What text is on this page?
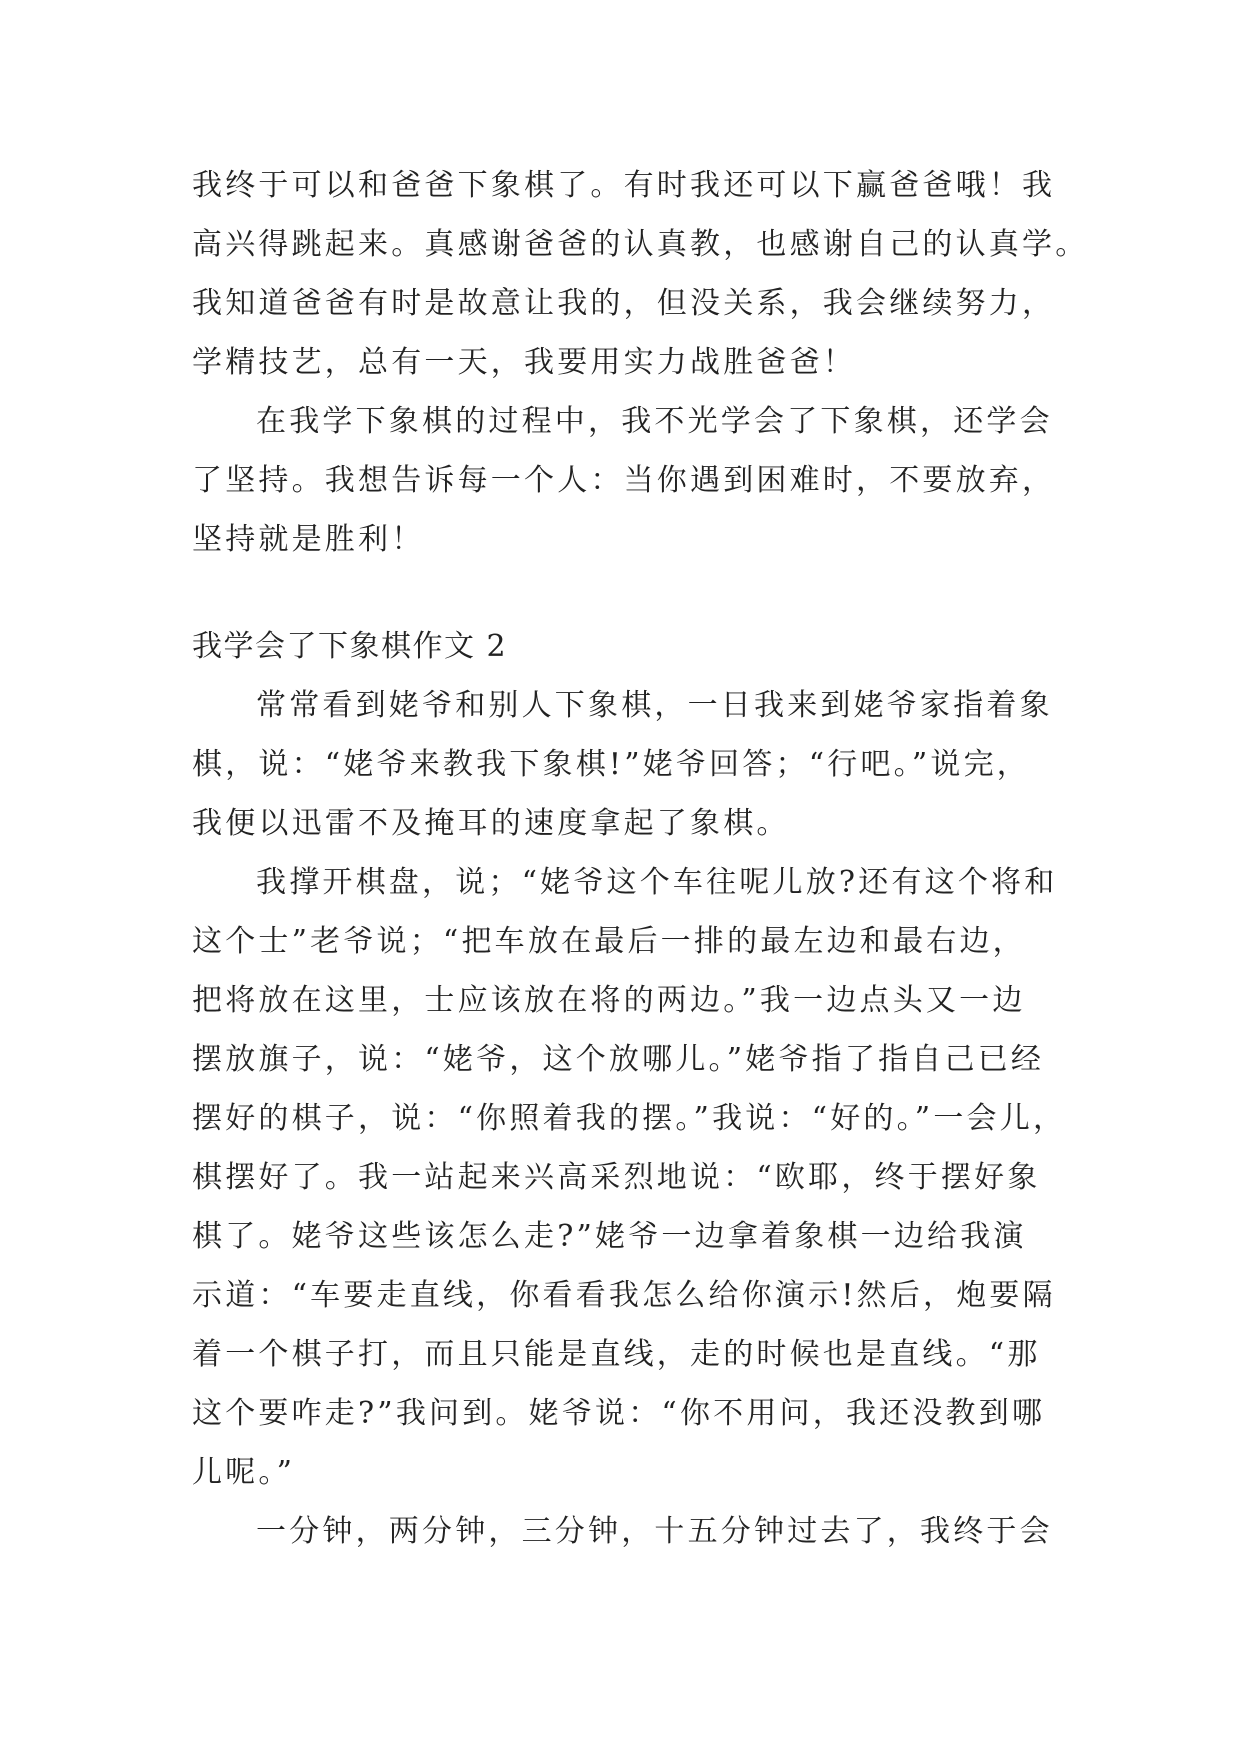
我终于可以和爸爸下象棋了。有时我还可以下赢爸爸哦！我
高兴得跳起来。真感谢爸爸的认真教，也感谢自己的认真学。
我知道爸爸有时是故意让我的，但没关系，我会继续努力，
学精技艺，总有一天，我要用实力战胜爸爸！
在我学下象棋的过程中，我不光学会了下象棋，还学会
了坚持。我想告诉每一个人：当你遇到困难时，不要放弃，
坚持就是胜利！
我学会了下象棋作文 2
常常看到姥爷和别人下象棋，一日我来到姥爷家指着象
棋，说：“姥爷来教我下象棋!”姥爷回答；“行吧。”说完，
我便以迅雷不及掩耳的速度拿起了象棋。
我撑开棋盘，说；“姥爷这个车往呢儿放?还有这个将和
这个士”老爷说；“把车放在最后一排的最左边和最右边，
把将放在这里，士应该放在将的两边。”我一边点头又一边
摆放旗子，说：“姥爷，这个放哪儿。”姥爷指了指自己已经
摆好的棋子，说：“你照着我的摆。”我说：“好的。”一会儿，
棋摆好了。我一站起来兴高采烈地说：“欧耶，终于摆好象
棋了。姥爷这些该怎么走?”姥爷一边拿着象棋一边给我演
示道：“车要走直线，你看看我怎么给你演示!然后，炮要隔
着一个棋子打，而且只能是直线，走的时候也是直线。“那
这个要咋走?”我问到。姥爷说：“你不用问，我还没教到哪
儿呢。”
一分钟，两分钟，三分钟，十五分钟过去了，我终于会
